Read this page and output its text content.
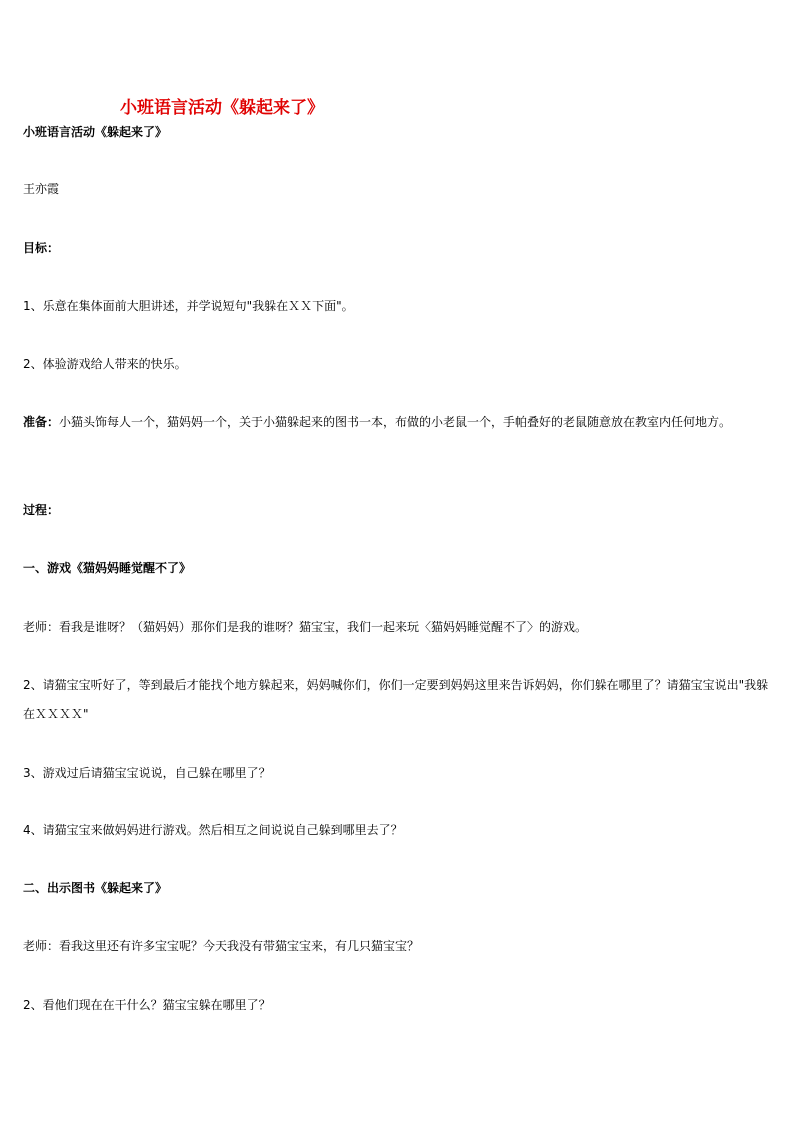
小班语言活动《躲起来了》
小班语言活动《躲起来了》
王亦霞
目标：
1、乐意在集体面前大胆讲述，并学说短句"我躲在ＸＸ下面"。
2、体验游戏给人带来的快乐。
准备：小猫头饰每人一个，猫妈妈一个，关于小猫躲起来的图书一本，布做的小老鼠一个，手帕叠好的老鼠随意放在教室内任何地方。
过程：
一、游戏《猫妈妈睡觉醒不了》
老师：看我是谁呀？（猫妈妈）那你们是我的谁呀？猫宝宝，我们一起来玩〈猫妈妈睡觉醒不了〉的游戏。
2、请猫宝宝听好了，等到最后才能找个地方躲起来，妈妈喊你们，你们一定要到妈妈这里来告诉妈妈，你们躲在哪里了？请猫宝宝说出"我躲在ＸＸＸＸ"
3、游戏过后请猫宝宝说说，自己躲在哪里了？
4、请猫宝宝来做妈妈进行游戏。然后相互之间说说自己躲到哪里去了？
二、出示图书《躲起来了》
老师：看我这里还有许多宝宝呢？今天我没有带猫宝宝来，有几只猫宝宝？
2、看他们现在在干什么？猫宝宝躲在哪里了？
